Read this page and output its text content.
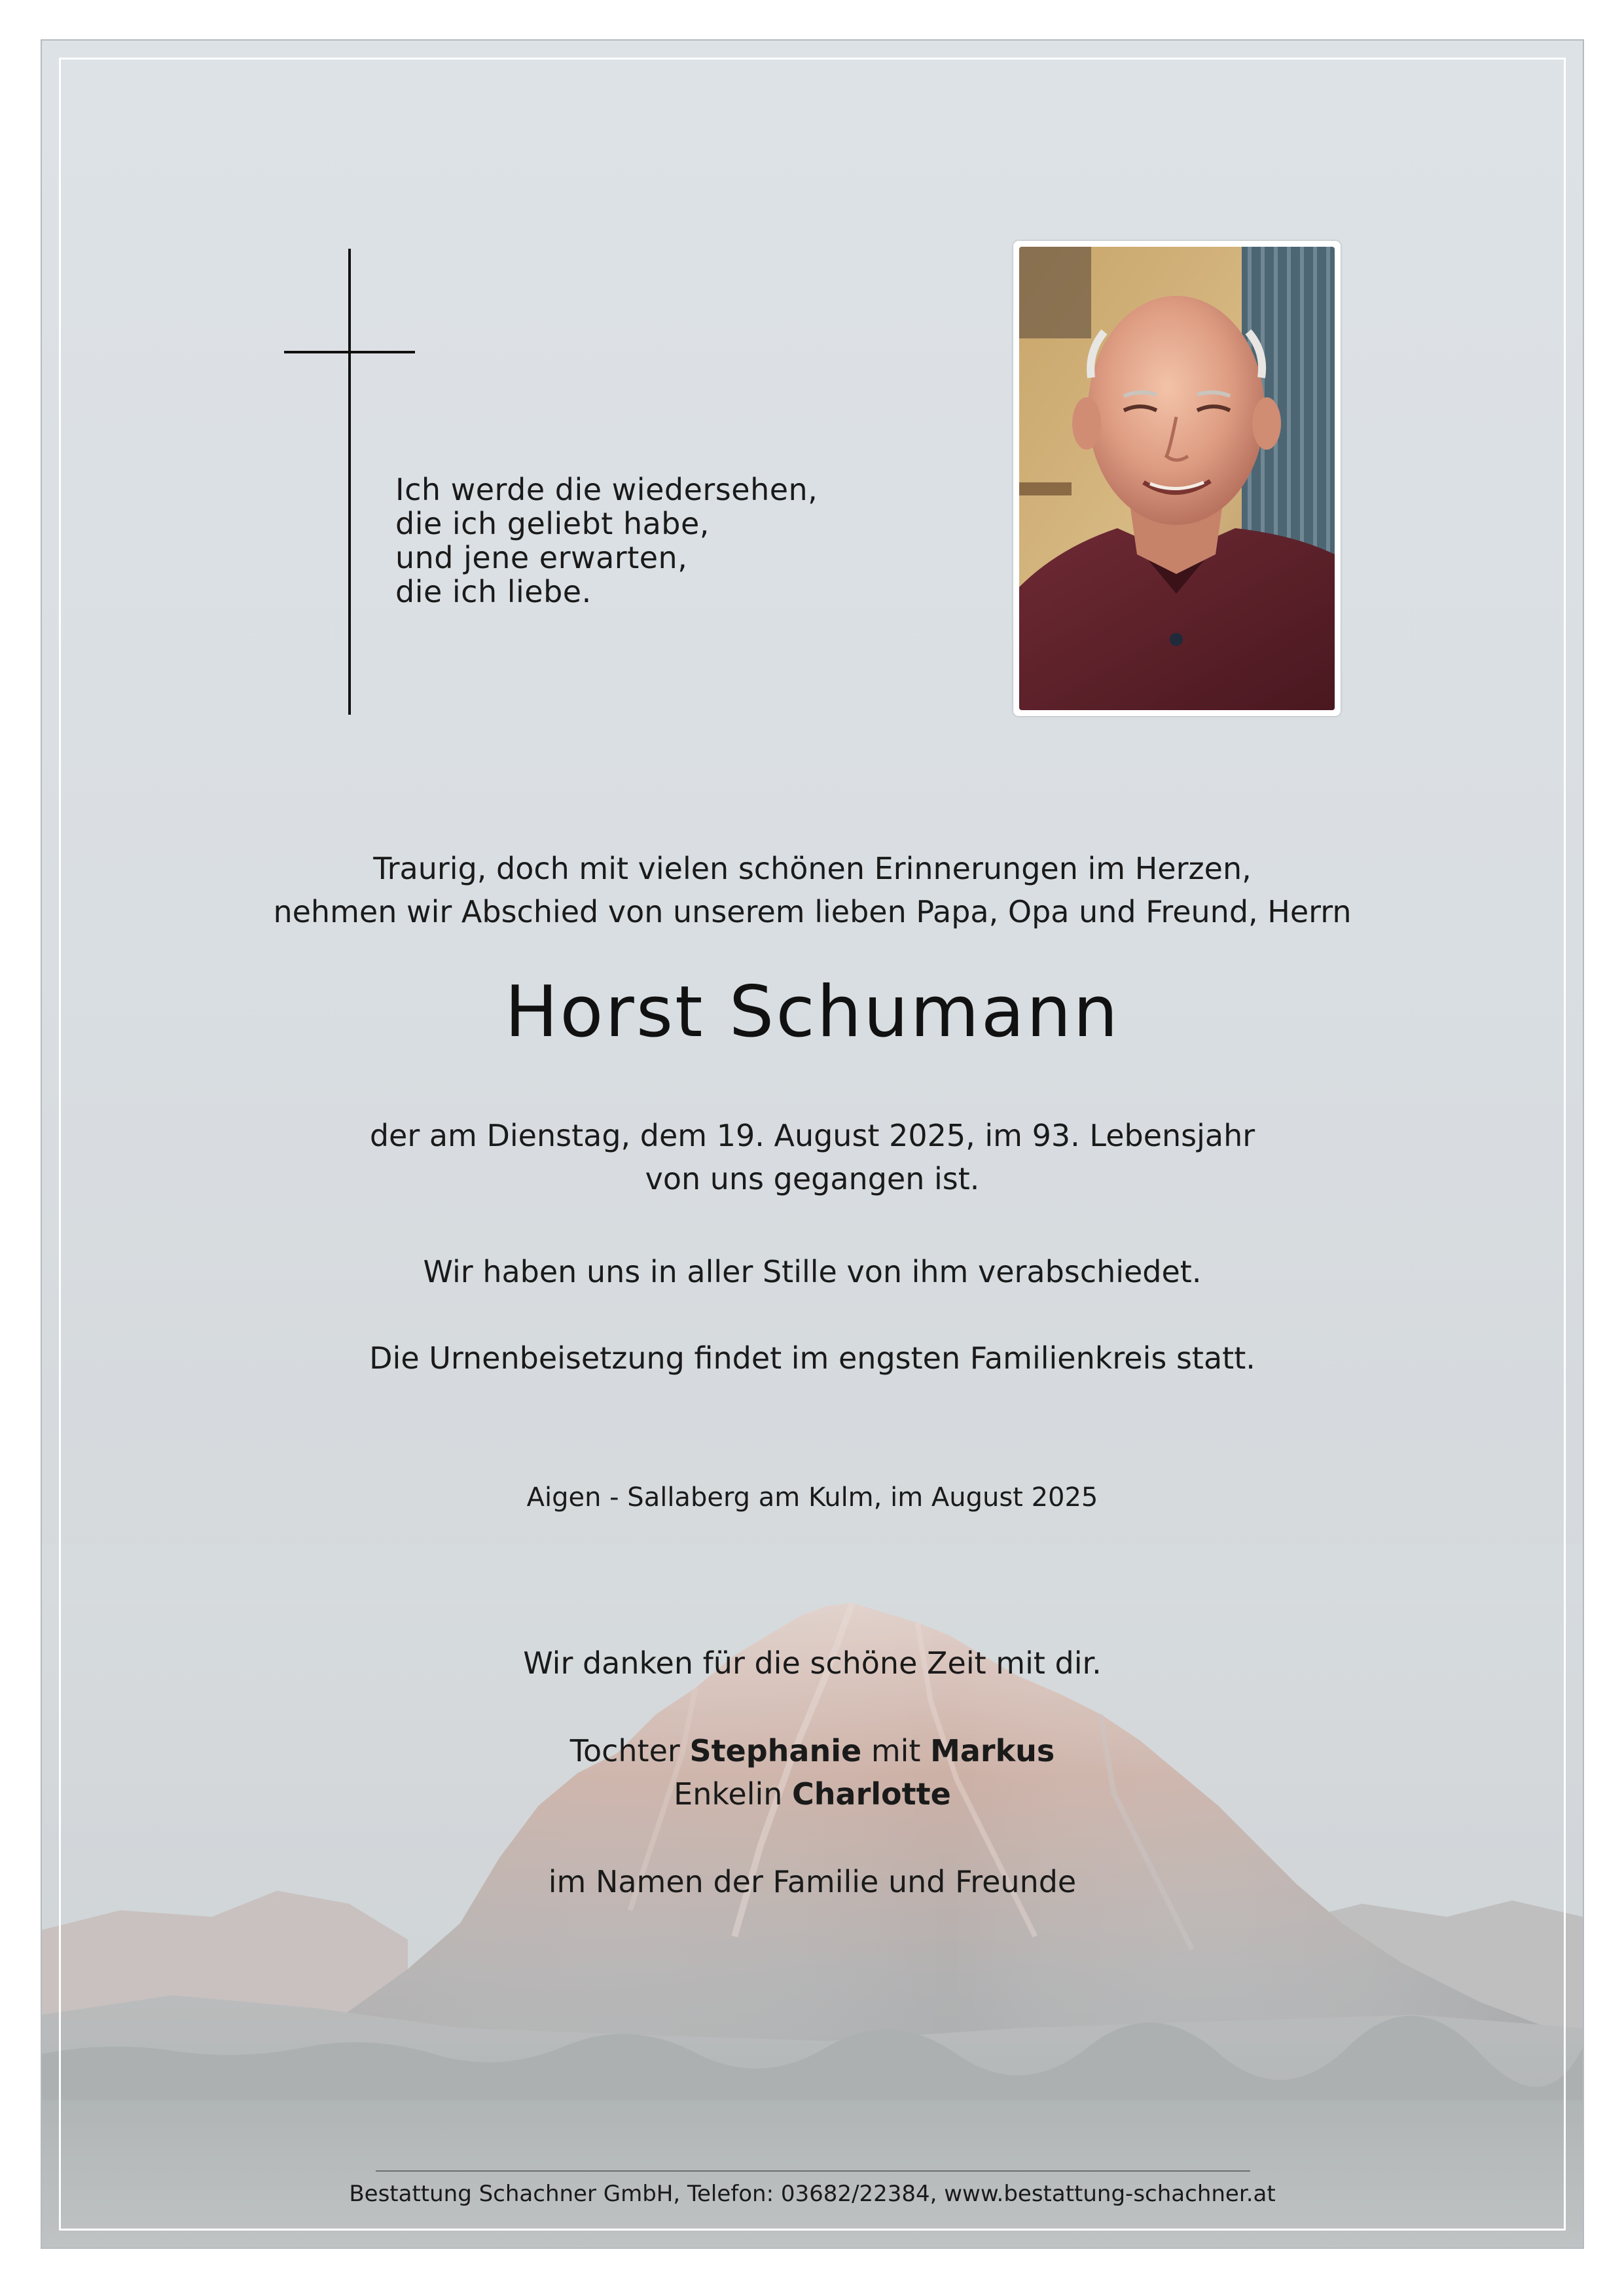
Ich werde die wiedersehen,
die ich geliebt habe,
und jene erwarten,
die ich liebe.
Traurig, doch mit vielen schönen Erinnerungen im Herzen,
nehmen wir Abschied von unserem lieben Papa, Opa und Freund, Herrn
Horst Schumann
der am Dienstag, dem 19. August 2025, im 93. Lebensjahr
von uns gegangen ist.
Wir haben uns in aller Stille von ihm verabschiedet.
Die Urnenbeisetzung findet im engsten Familienkreis statt.
Aigen - Sallaberg am Kulm, im August 2025
Wir danken für die schöne Zeit mit dir.
Tochter Stephanie mit Markus
Enkelin Charlotte
im Namen der Familie und Freunde
Bestattung Schachner GmbH, Telefon: 03682/22384, www.bestattung-schachner.at
